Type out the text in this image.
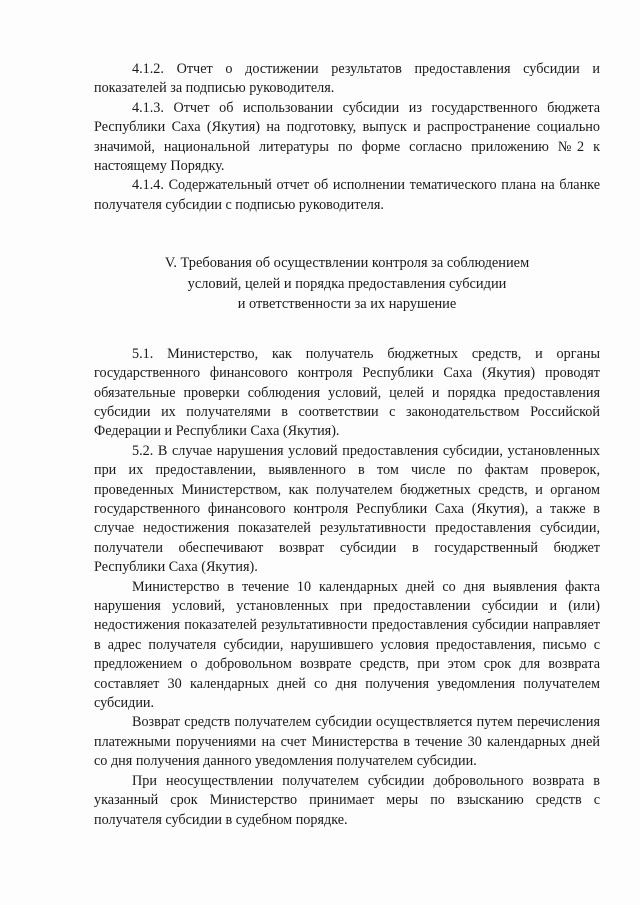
4.1.2. Отчет о достижении результатов предоставления субсидии и показателей за подписью руководителя.

4.1.3. Отчет об использовании субсидии из государственного бюджета Республики Саха (Якутия) на подготовку, выпуск и распространение социально значимой, национальной литературы по форме согласно приложению №2 к настоящему Порядку.

4.1.4. Содержательный отчет об исполнении тематического плана на бланке получателя субсидии с подписью руководителя.

V. Требования об осуществлении контроля за соблюдением
условий, целей и порядка предоставления субсидии
и ответственности за их нарушение

5.1. Министерство, как получатель бюджетных средств, и органы государственного финансового контроля Республики Саха (Якутия) проводят обязательные проверки соблюдения условий, целей и порядка предоставления субсидии их получателями в соответствии с законодательством Российской Федерации и Республики Саха (Якутия).

5.2. В случае нарушения условий предоставления субсидии, установленных при их предоставлении, выявленного в том числе по фактам проверок, проведенных Министерством, как получателем бюджетных средств, и органом государственного финансового контроля Республики Саха (Якутия), а также в случае недостижения показателей результативности предоставления субсидии, получатели обеспечивают возврат субсидии в государственный бюджет Республики Саха (Якутия).

Министерство в течение 10 календарных дней со дня выявления факта нарушения условий, установленных при предоставлении субсидии и (или) недостижения показателей результативности предоставления субсидии направляет в адрес получателя субсидии, нарушившего условия предоставления, письмо с предложением о добровольном возврате средств, при этом срок для возврата составляет 30 календарных дней со дня получения уведомления получателем субсидии.

Возврат средств получателем субсидии осуществляется путем перечисления платежными поручениями на счет Министерства в течение 30 календарных дней со дня получения данного уведомления получателем субсидии.

При неосуществлении получателем субсидии добровольного возврата в указанный срок Министерство принимает меры по взысканию средств с получателя субсидии в судебном порядке.
